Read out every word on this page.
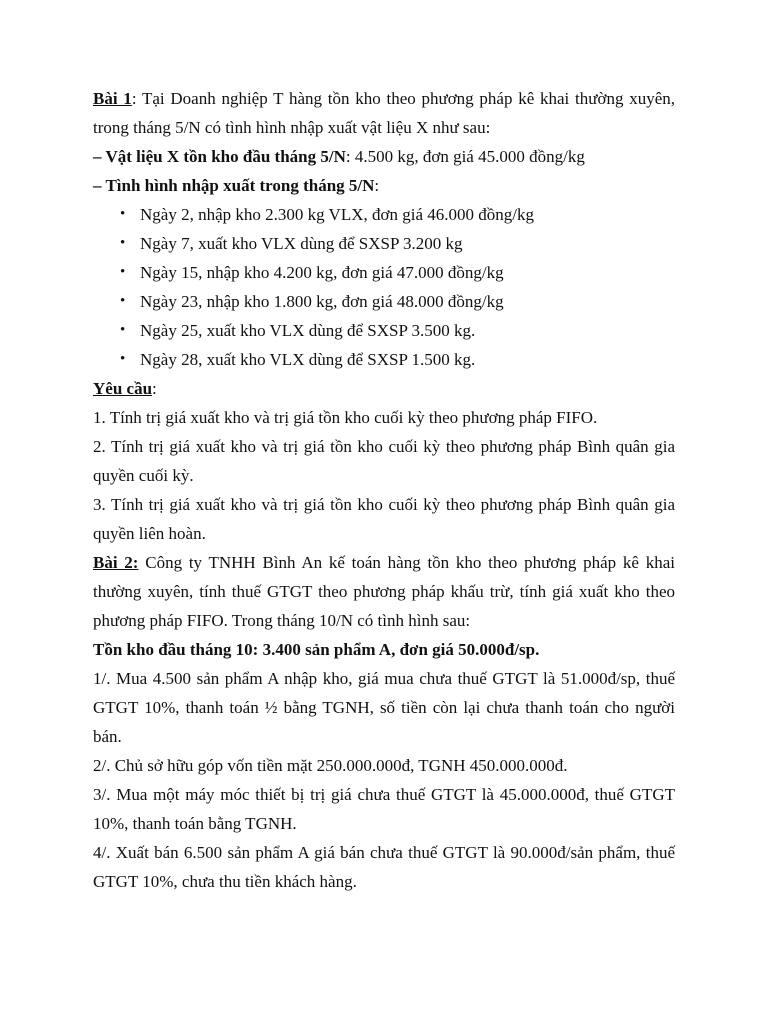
Bài 1: Tại Doanh nghiệp T hàng tồn kho theo phương pháp kê khai thường xuyên, trong tháng 5/N có tình hình nhập xuất vật liệu X như sau:

– Vật liệu X tồn kho đầu tháng 5/N: 4.500 kg, đơn giá 45.000 đồng/kg

– Tình hình nhập xuất trong tháng 5/N:

• Ngày 2, nhập kho 2.300 kg VLX, đơn giá 46.000 đồng/kg
• Ngày 7, xuất kho VLX dùng để SXSP 3.200 kg
• Ngày 15, nhập kho 4.200 kg, đơn giá 47.000 đồng/kg
• Ngày 23, nhập kho 1.800 kg, đơn giá 48.000 đồng/kg
• Ngày 25, xuất kho VLX dùng để SXSP 3.500 kg.
• Ngày 28, xuất kho VLX dùng để SXSP 1.500 kg.

Yêu cầu:

1. Tính trị giá xuất kho và trị giá tồn kho cuối kỳ theo phương pháp FIFO.

2. Tính trị giá xuất kho và trị giá tồn kho cuối kỳ theo phương pháp Bình quân gia quyền cuối kỳ.

3. Tính trị giá xuất kho và trị giá tồn kho cuối kỳ theo phương pháp Bình quân gia quyền liên hoàn.

Bài 2: Công ty TNHH Bình An kế toán hàng tồn kho theo phương pháp kê khai thường xuyên, tính thuế GTGT theo phương pháp khấu trừ, tính giá xuất kho theo phương pháp FIFO. Trong tháng 10/N có tình hình sau:

Tồn kho đầu tháng 10: 3.400 sản phẩm A, đơn giá 50.000đ/sp.

1/. Mua 4.500 sản phẩm A nhập kho, giá mua chưa thuế GTGT là 51.000đ/sp, thuế GTGT 10%, thanh toán ½ bằng TGNH, số tiền còn lại chưa thanh toán cho người bán.

2/. Chủ sở hữu góp vốn tiền mặt 250.000.000đ, TGNH 450.000.000đ.

3/. Mua một máy móc thiết bị trị giá chưa thuế GTGT là 45.000.000đ, thuế GTGT 10%, thanh toán bằng TGNH.

4/. Xuất bán 6.500 sản phẩm A giá bán chưa thuế GTGT là 90.000đ/sản phẩm, thuế GTGT 10%, chưa thu tiền khách hàng.
